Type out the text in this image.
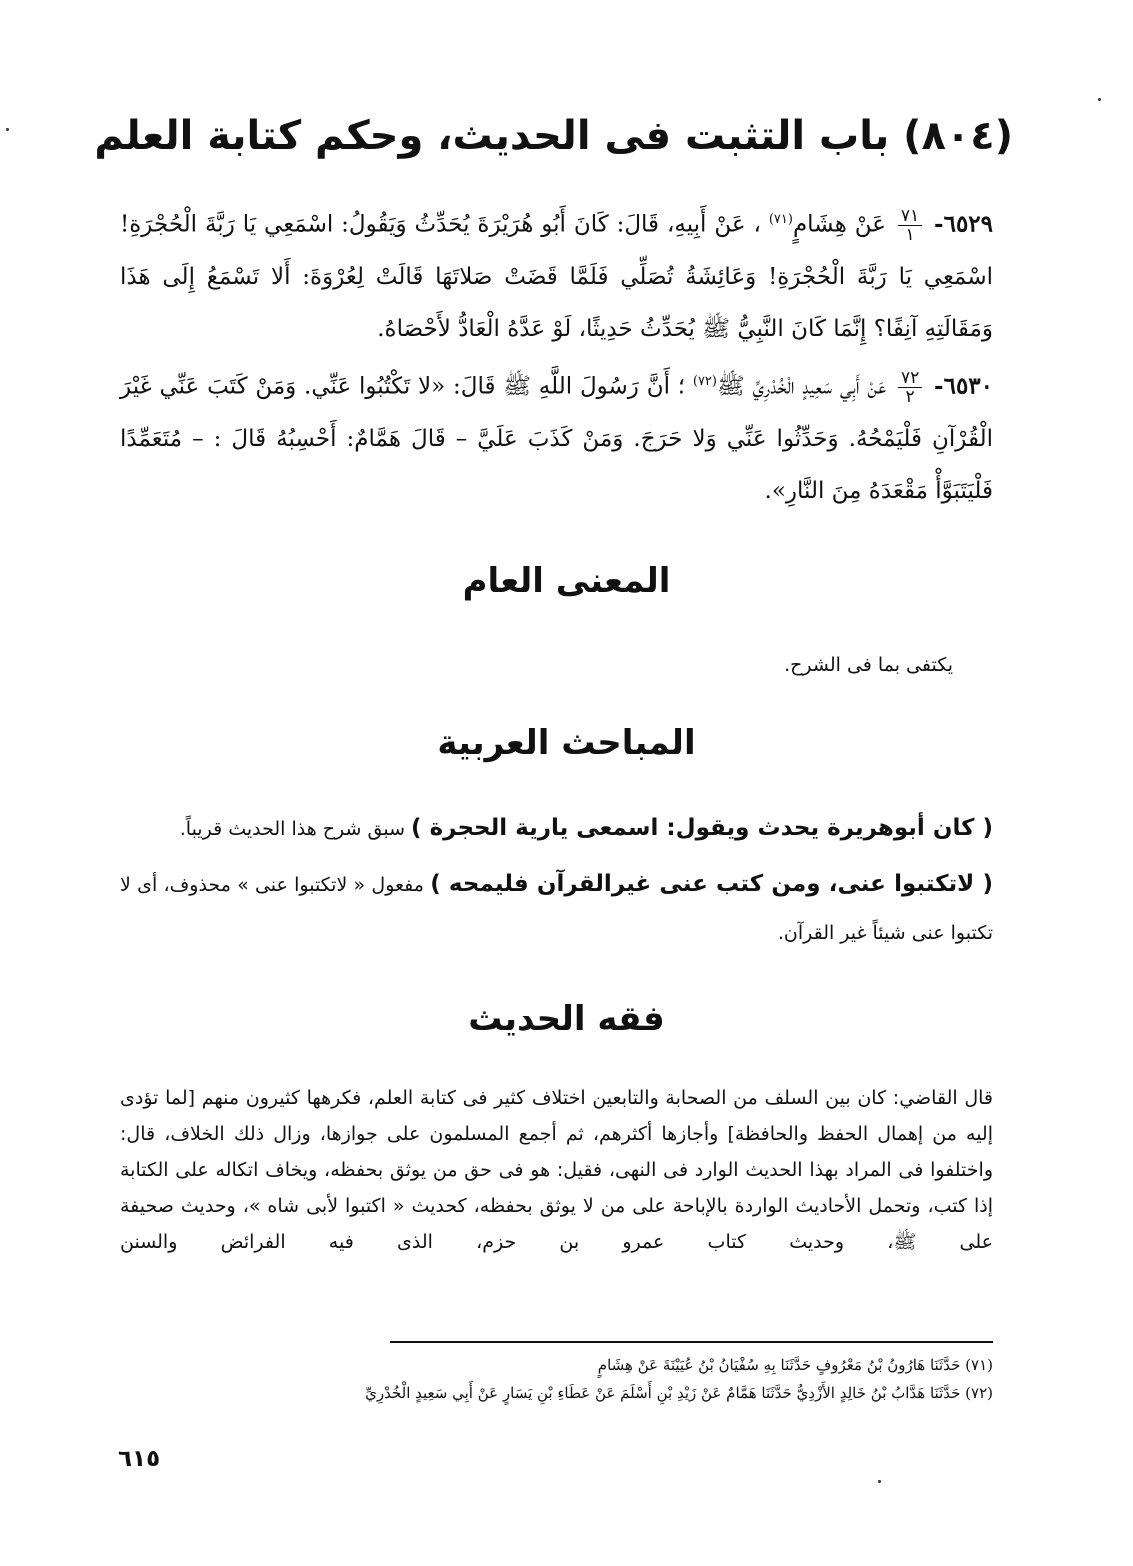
(٨٠٤) باب التثبت فى الحديث، وحكم كتابة العلم
٦٥٢٩-
$\frac{٧١}{١}$
عَنْ هِشَامٍ$^{(٧١)}$ ، عَنْ أَبِيهِ، قَالَ: كَانَ أَبُو هُرَيْرَةَ يُحَدِّثُ وَيَقُولُ: اسْمَعِي يَا رَبَّةَ الْحُجْرَةِ! اسْمَعِي يَا رَبَّةَ الْحُجْرَةِ! وَعَائِشَةُ تُصَلِّي فَلَمَّا قَضَتْ صَلاتَهَا قَالَتْ لِعُرْوَةَ: أَلا تَسْمَعُ إِلَى هَذَا وَمَقَالَتِهِ آنِفًا؟ إِنَّمَا كَانَ النَّبِيُّ ﷺ يُحَدِّثُ حَدِيثًا، لَوْ عَدَّهُ الْعَادُّ لأَحْصَاهُ.
٦٥٣٠-
$\frac{٧٢}{٢}$
عَنْ أَبِي سَعِيدٍ الْخُدْرِيِّ ﷺ$^{(٧٢)}$ ؛ أَنَّ رَسُولَ اللَّهِ ﷺ قَالَ: «لا تَكْتُبُوا عَنِّي. وَمَنْ كَتَبَ عَنِّي غَيْرَ الْقُرْآنِ فَلْيَمْحُهُ. وَحَدِّثُوا عَنِّي وَلا حَرَجَ. وَمَنْ كَذَبَ عَلَيَّ – قَالَ هَمَّامٌ: أَحْسِبُهُ قَالَ : – مُتَعَمِّدًا فَلْيَتَبَوَّأْ مَقْعَدَهُ مِنَ النَّارِ».
المعنى العام
يكتفى بما فى الشرح.
المباحث العربية
( كان أبوهريرة يحدث ويقول: اسمعى يارية الحجرة ) سبق شرح هذا الحديث قريباً.
( لاتكتبوا عنى، ومن كتب عنى غيرالقرآن فليمحه ) مفعول « لاتكتبوا عنى » محذوف، أى لا تكتبوا عنى شيئاً غير القرآن.
فقه الحديث
قال القاضي: كان بين السلف من الصحابة والتابعين اختلاف كثير فى كتابة العلم، فكرهها كثيرون منهم [لما تؤدى إليه من إهمال الحفظ والحافظة] وأجازها أكثرهم، ثم أجمع المسلمون على جوازها، وزال ذلك الخلاف، قال: واختلفوا فى المراد بهذا الحديث الوارد فى النهى، فقيل: هو فى حق من يوثق بحفظه، ويخاف اتكاله على الكتابة إذا كتب، وتحمل الأحاديث الواردة بالإباحة على من لا يوثق بحفظه، كحديث « اكتبوا لأبى شاه »، وحديث صحيفة على ﷺ، وحديث كتاب عمرو بن حزم، الذى فيه الفرائض والسنن
(٧١) حَدَّثَنَا هَارُونُ بْنُ مَعْرُوفٍ حَدَّثَنَا بِهِ سُفْيَانُ بْنُ عُيَيْنَةَ عَنْ هِشَامٍ
(٧٢) حَدَّثَنَا هَدَّابُ بْنُ خَالِدٍ الأَزْدِيُّ حَدَّثَنَا هَمَّامٌ عَنْ زَيْدِ بْنِ أَسْلَمَ عَنْ عَطَاءِ بْنِ يَسَارٍ عَنْ أَبِي سَعِيدٍ الْخُدْرِيِّ
٦١٥
